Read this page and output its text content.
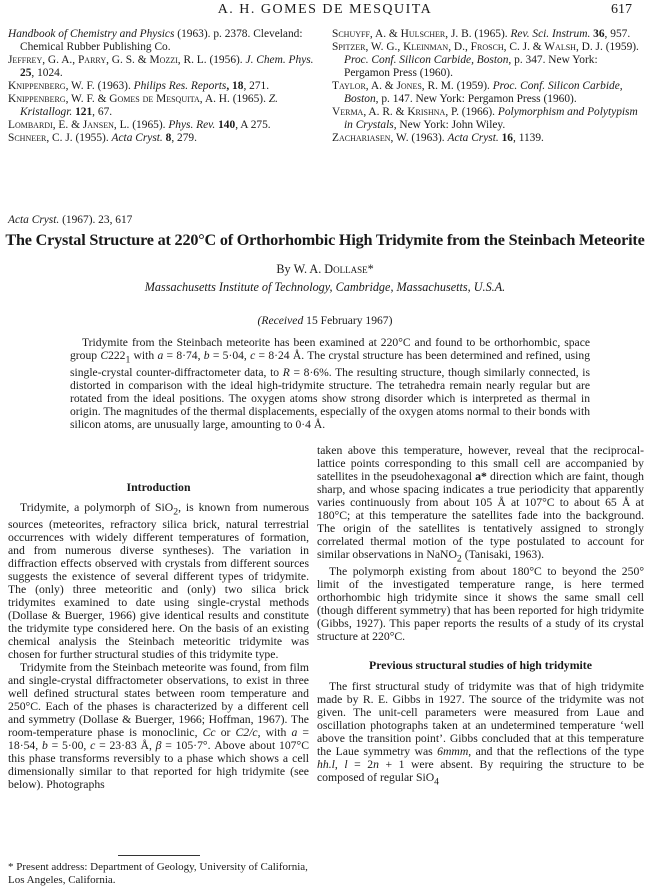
A. H. GOMES DE MESQUITA	617

Handbook of Chemistry and Physics (1963). p. 2378. Cleveland: Chemical Rubber Publishing Co.

Jeffrey, G. A., Parry, G. S. & Mozzi, R. L. (1956). J. Chem. Phys. 25, 1024.

Knippenberg, W. F. (1963). Philips Res. Reports, 18, 271.

Knippenberg, W. F. & Gomes de Mesquita, A. H. (1965). Z. Kristallogr. 121, 67.

Lombardi, E. & Jansen, L. (1965). Phys. Rev. 140, A 275.

Schneer, C. J. (1955). Acta Cryst. 8, 279.

Schuyff, A. & Hulscher, J. B. (1965). Rev. Sci. Instrum. 36, 957.

Spitzer, W. G., Kleinman, D., Frosch, C. J. & Walsh, D. J. (1959). Proc. Conf. Silicon Carbide, Boston, p. 347. New York: Pergamon Press (1960).

Taylor, A. & Jones, R. M. (1959). Proc. Conf. Silicon Carbide, Boston, p. 147. New York: Pergamon Press (1960).

Verma, A. R. & Krishna, P. (1966). Polymorphism and Polytypism in Crystals, New York: John Wiley.

Zachariasen, W. (1963). Acta Cryst. 16, 1139.

Acta Cryst. (1967). 23, 617
The Crystal Structure at 220°C of Orthorhombic High Tridymite from the Steinbach Meteorite
By W. A. Dollase*
Massachusetts Institute of Technology, Cambridge, Massachusetts, U.S.A.
(Received 15 February 1967)

Tridymite from the Steinbach meteorite has been examined at 220°C and found to be orthorhombic, space group $C222_1$ with a = 8·74, b = 5·04, c = 8·24 Å. The crystal structure has been determined and refined, using single-crystal counter-diffractometer data, to R = 8·6%. The resulting structure, though similarly connected, is distorted in comparison with the ideal high-tridymite structure. The tetrahedra remain nearly regular but are rotated from the ideal positions. The oxygen atoms show strong disorder which is interpreted as thermal in origin. The magnitudes of the thermal displacements, especially of the oxygen atoms normal to their bonds with silicon atoms, are unusually large, amounting to 0·4 Å.

Introduction

Tridymite, a polymorph of SiO$_2$, is known from numerous sources (meteorites, refractory silica brick, natural terrestrial occurrences with widely different temperatures of formation, and from numerous diverse syntheses). The variation in diffraction effects observed with crystals from different sources suggests the existence of several different types of tridymite. The (only) three meteoritic and (only) two silica brick tridymites examined to date using single-crystal methods (Dollase & Buerger, 1966) give identical results and constitute the tridymite type considered here. On the basis of an existing chemical analysis the Steinbach meteoritic tridymite was chosen for further structural studies of this tridymite type.

Tridymite from the Steinbach meteorite was found, from film and single-crystal diffractometer observations, to exist in three well defined structural states between room temperature and 250°C. Each of the phases is characterized by a different cell and symmetry (Dollase & Buerger, 1966; Hoffman, 1967). The room-temperature phase is monoclinic, Cc or C2/c, with a = 18·54, b = 5·00, c = 23·83 Å, β = 105·7°. Above about 107°C this phase transforms reversibly to a phase which shows a cell dimensionally similar to that reported for high tridymite (see below). Photographs

taken above this temperature, however, reveal that the reciprocal-lattice points corresponding to this small cell are accompanied by satellites in the pseudohexagonal a* direction which are faint, though sharp, and whose spacing indicates a true periodicity that apparently varies continuously from about 105 Å at 107°C to about 65 Å at 180°C; at this temperature the satellites fade into the background. The origin of the satellites is tentatively assigned to strongly correlated thermal motion of the type postulated to account for similar observations in NaNO$_2$ (Tanisaki, 1963).

The polymorph existing from about 180°C to beyond the 250° limit of the investigated temperature range, is here termed orthorhombic high tridymite since it shows the same small cell (though different symmetry) that has been reported for high tridymite (Gibbs, 1927). This paper reports the results of a study of its crystal structure at 220°C.

Previous structural studies of high tridymite

The first structural study of tridymite was that of high tridymite made by R. E. Gibbs in 1927. The source of the tridymite was not given. The unit-cell parameters were measured from Laue and oscillation photographs taken at an undetermined temperature ‘well above the transition point’. Gibbs concluded that at this temperature the Laue symmetry was 6mmm, and that the reflections of the type hh.l, l = 2n + 1 were absent. By requiring the structure to be composed of regular SiO$_4$

* Present address: Department of Geology, University of California, Los Angeles, California.
